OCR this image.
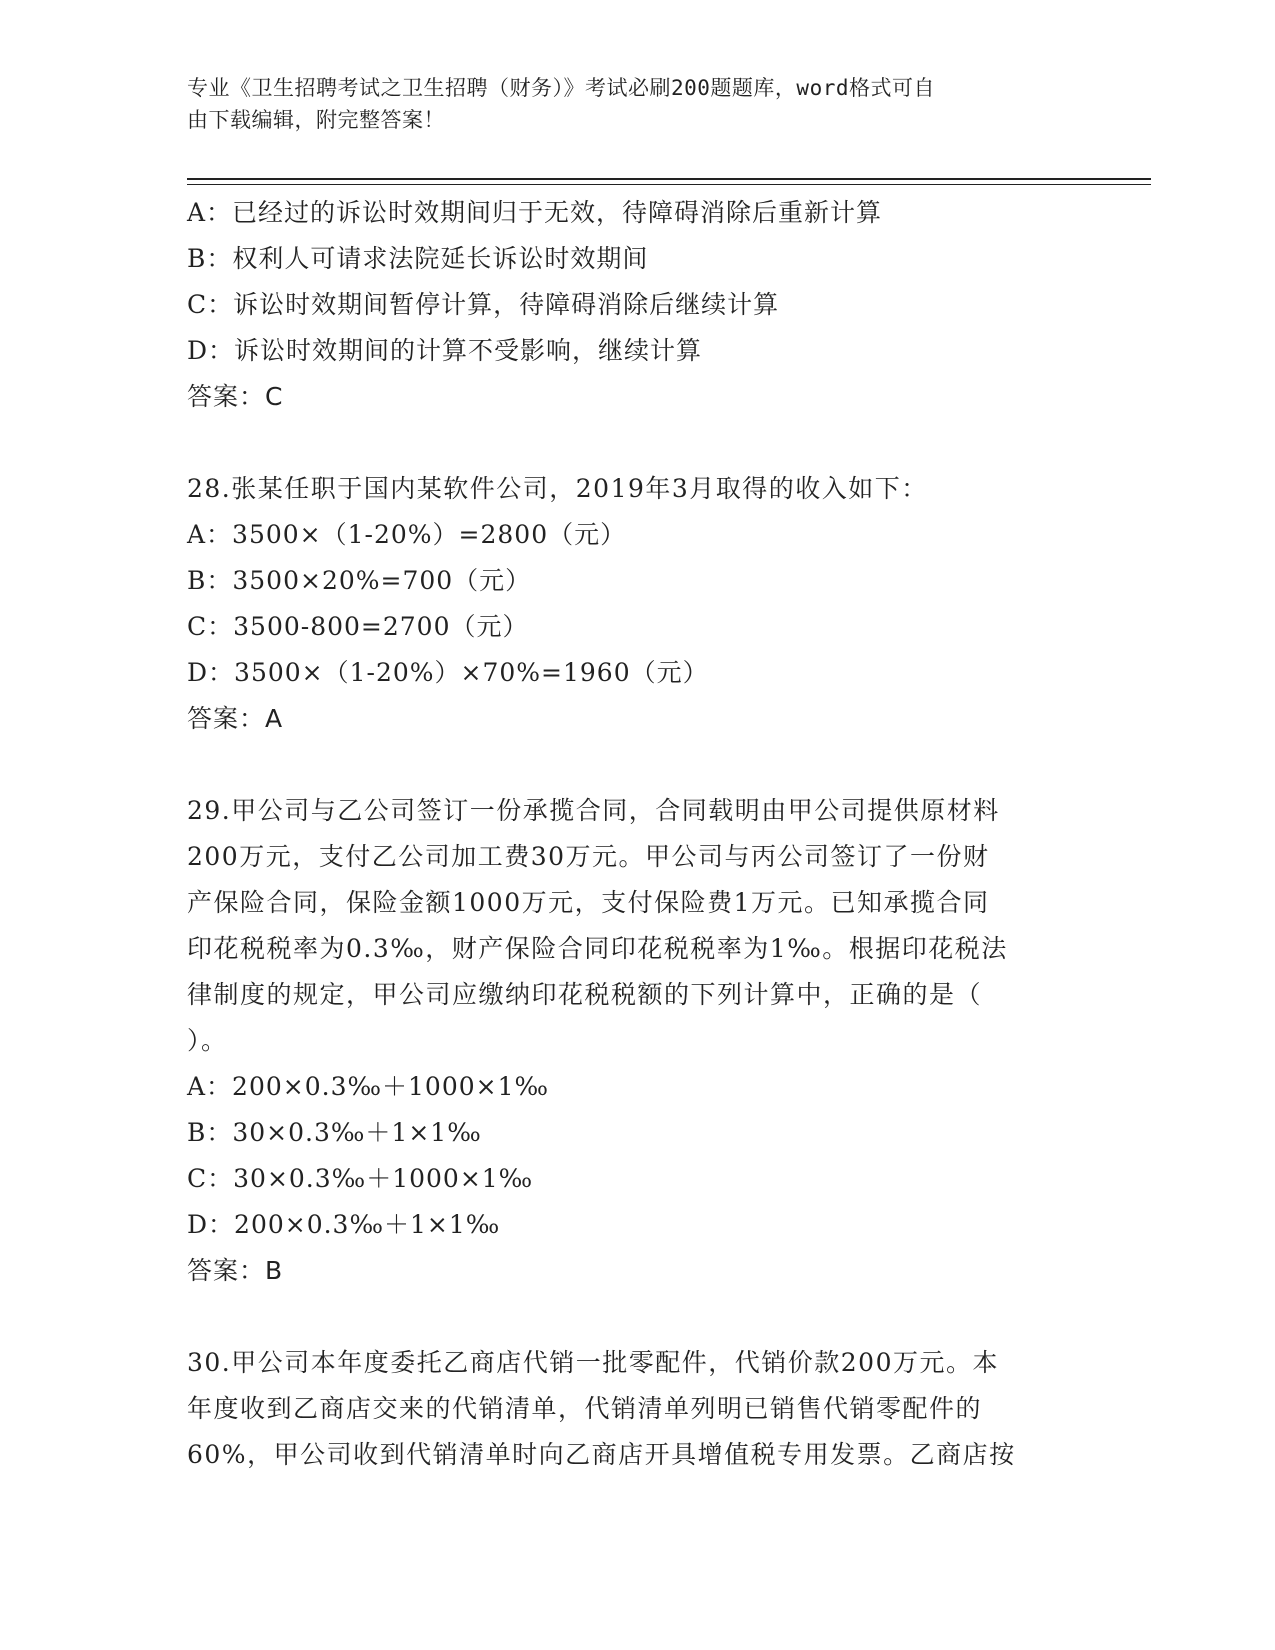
专业《卫生招聘考试之卫生招聘（财务）》考试必刷200题题库，word格式可自
由下载编辑，附完整答案！
A：已经过的诉讼时效期间归于无效，待障碍消除后重新计算
B：权利人可请求法院延长诉讼时效期间
C：诉讼时效期间暂停计算，待障碍消除后继续计算
D：诉讼时效期间的计算不受影响，继续计算
答案：C
28.张某任职于国内某软件公司，2019年3月取得的收入如下：
A：3500×（1-20%）=2800（元）
B：3500×20%=700（元）
C：3500-800=2700（元）
D：3500×（1-20%）×70%=1960（元）
答案：A
29.甲公司与乙公司签订一份承揽合同，合同载明由甲公司提供原材料
200万元，支付乙公司加工费30万元。甲公司与丙公司签订了一份财
产保险合同，保险金额1000万元，支付保险费1万元。已知承揽合同
印花税税率为0.3‰，财产保险合同印花税税率为1‰。根据印花税法
律制度的规定，甲公司应缴纳印花税税额的下列计算中，正确的是（
）。
A：200×0.3‰＋1000×1‰
B：30×0.3‰＋1×1‰
C：30×0.3‰＋1000×1‰
D：200×0.3‰＋1×1‰
答案：B
30.甲公司本年度委托乙商店代销一批零配件，代销价款200万元。本
年度收到乙商店交来的代销清单，代销清单列明已销售代销零配件的
60%，甲公司收到代销清单时向乙商店开具增值税专用发票。乙商店按
